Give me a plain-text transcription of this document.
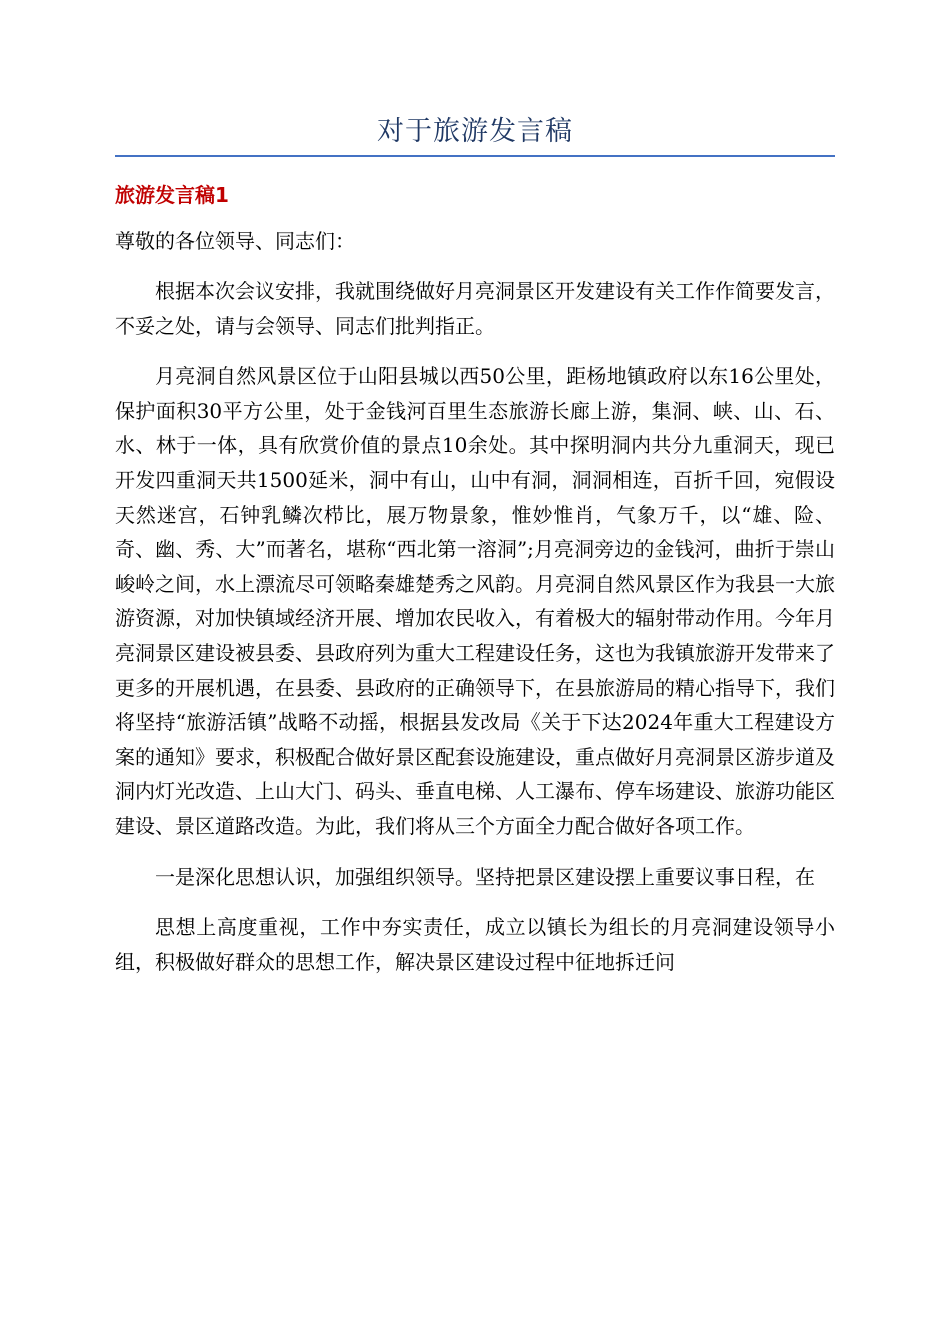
对于旅游发言稿
旅游发言稿1

尊敬的各位领导、同志们：

根据本次会议安排，我就围绕做好月亮洞景区开发建设有关工作作简要发言，不妥之处，请与会领导、同志们批判指正。

月亮洞自然风景区位于山阳县城以西50公里，距杨地镇政府以东16公里处，保护面积30平方公里，处于金钱河百里生态旅游长廊上游，集洞、峡、山、石、水、林于一体，具有欣赏价值的景点10余处。其中探明洞内共分九重洞天，现已开发四重洞天共1500延米，洞中有山，山中有洞，洞洞相连，百折千回，宛假设天然迷宫，石钟乳鳞次栉比，展万物景象，惟妙惟肖，气象万千，以“雄、险、奇、幽、秀、大”而著名，堪称“西北第一溶洞”;月亮洞旁边的金钱河，曲折于崇山峻岭之间，水上漂流尽可领略秦雄楚秀之风韵。月亮洞自然风景区作为我县一大旅游资源，对加快镇域经济开展、增加农民收入，有着极大的辐射带动作用。今年月亮洞景区建设被县委、县政府列为重大工程建设任务，这也为我镇旅游开发带来了更多的开展机遇，在县委、县政府的正确领导下，在县旅游局的精心指导下，我们将坚持“旅游活镇”战略不动摇，根据县发改局《关于下达2024年重大工程建设方案的通知》要求，积极配合做好景区配套设施建设，重点做好月亮洞景区游步道及洞内灯光改造、上山大门、码头、垂直电梯、人工瀑布、停车场建设、旅游功能区建设、景区道路改造。为此，我们将从三个方面全力配合做好各项工作。

一是深化思想认识，加强组织领导。坚持把景区建设摆上重要议事日程，在

思想上高度重视，工作中夯实责任，成立以镇长为组长的月亮洞建设领导小组，积极做好群众的思想工作，解决景区建设过程中征地拆迁问
